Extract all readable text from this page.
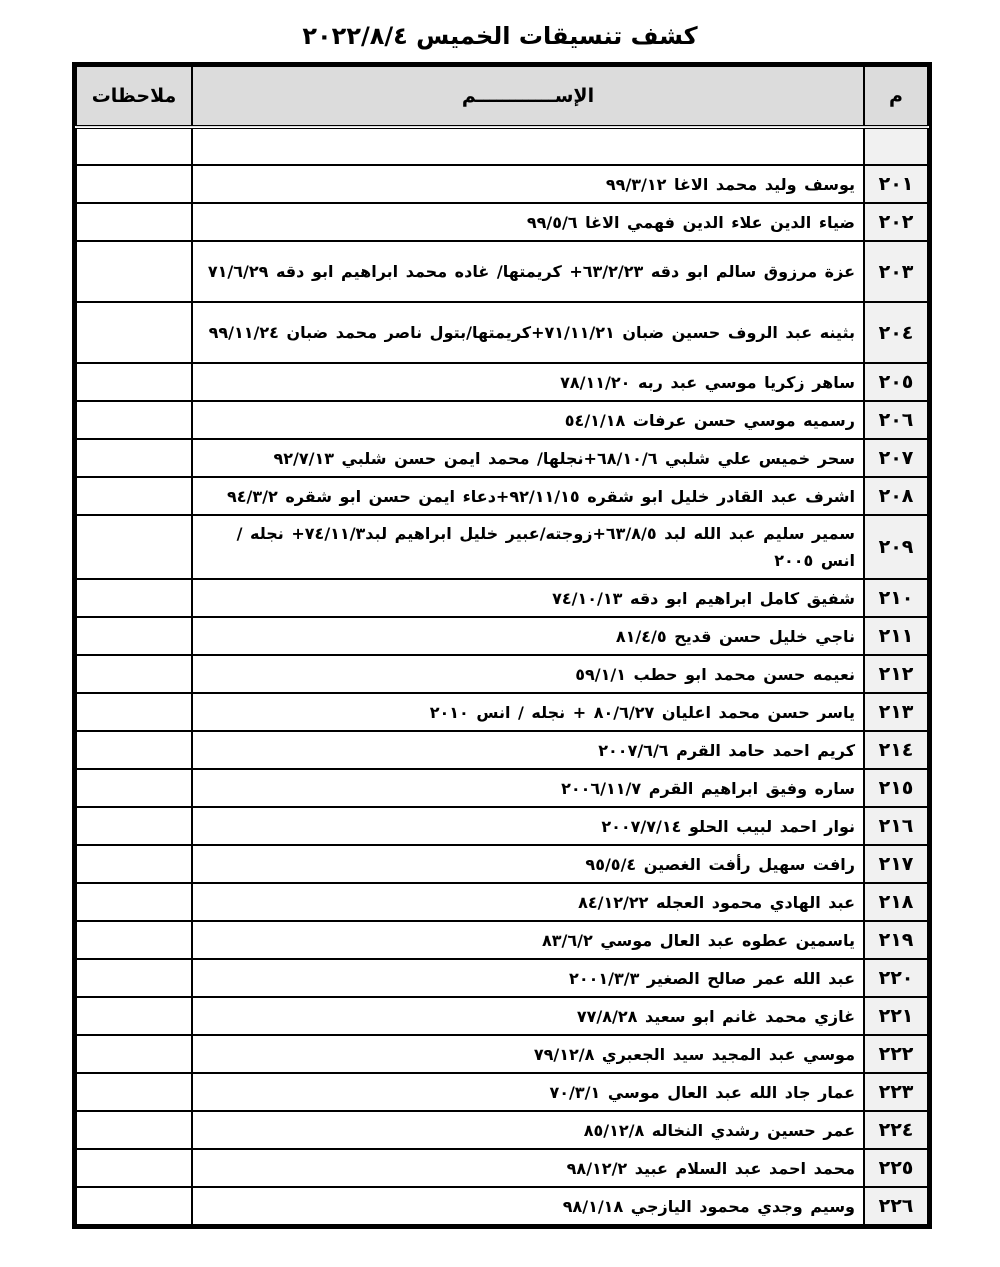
كشف تنسيقات الخميس ٢٠٢٢/٨/٤
م	الإســــــــــــم	ملاحظات

٢٠١	يوسف وليد محمد الاغا ٩٩/٣/١٢	
٢٠٢	ضياء الدين علاء الدين فهمي الاغا ٩٩/٥/٦	
٢٠٣	عزة مرزوق سالم ابو دقه ٦٣/٢/٢٣+ كريمتها/ غاده محمد ابراهيم ابو دقه ٧١/٦/٢٩	
٢٠٤	بثينه عبد الروف حسين ضبان ٧١/١١/٢١+كريمتها/بتول ناصر محمد ضبان ٩٩/١١/٢٤	
٢٠٥	ساهر زكريا موسي عبد ربه ٧٨/١١/٢٠	
٢٠٦	رسميه موسي حسن عرفات ٥٤/١/١٨	
٢٠٧	سحر خميس علي شلبي ٦٨/١٠/٦+نجلها/ محمد ايمن حسن شلبي ٩٢/٧/١٣	
٢٠٨	اشرف عبد القادر خليل ابو شقره ٩٢/١١/١٥+دعاء ايمن حسن ابو شقره ٩٤/٣/٢	
٢٠٩	سمير سليم عبد الله لبد ٦٣/٨/٥+زوجته/عبير خليل ابراهيم لبد٧٤/١١/٣+ نجله / انس ٢٠٠٥	
٢١٠	شفيق كامل ابراهيم ابو دقه ٧٤/١٠/١٣	
٢١١	ناجي خليل حسن قديح ٨١/٤/٥	
٢١٢	نعيمه حسن محمد ابو حطب ٥٩/١/١	
٢١٣	ياسر حسن محمد اعليان ٨٠/٦/٢٧ + نجله / انس ٢٠١٠	
٢١٤	كريم احمد حامد القرم ٢٠٠٧/٦/٦	
٢١٥	ساره وفيق ابراهيم القرم ٢٠٠٦/١١/٧	
٢١٦	نوار احمد لبيب الحلو ٢٠٠٧/٧/١٤	
٢١٧	رافت سهيل رأفت الغصين ٩٥/٥/٤	
٢١٨	عبد الهادي محمود العجله ٨٤/١٢/٢٢	
٢١٩	ياسمين عطوه عبد العال موسي ٨٣/٦/٢	
٢٢٠	عبد الله عمر صالح الصغير ٢٠٠١/٣/٣	
٢٢١	غازي محمد غانم ابو سعيد ٧٧/٨/٢٨	
٢٢٢	موسي عبد المجيد سيد الجعبري ٧٩/١٢/٨	
٢٢٣	عمار جاد الله عبد العال موسي ٧٠/٣/١	
٢٢٤	عمر حسين رشدي النخاله ٨٥/١٢/٨	
٢٢٥	محمد احمد عبد السلام عبيد ٩٨/١٢/٢	
٢٢٦	وسيم وجدي محمود اليازجي ٩٨/١/١٨	
